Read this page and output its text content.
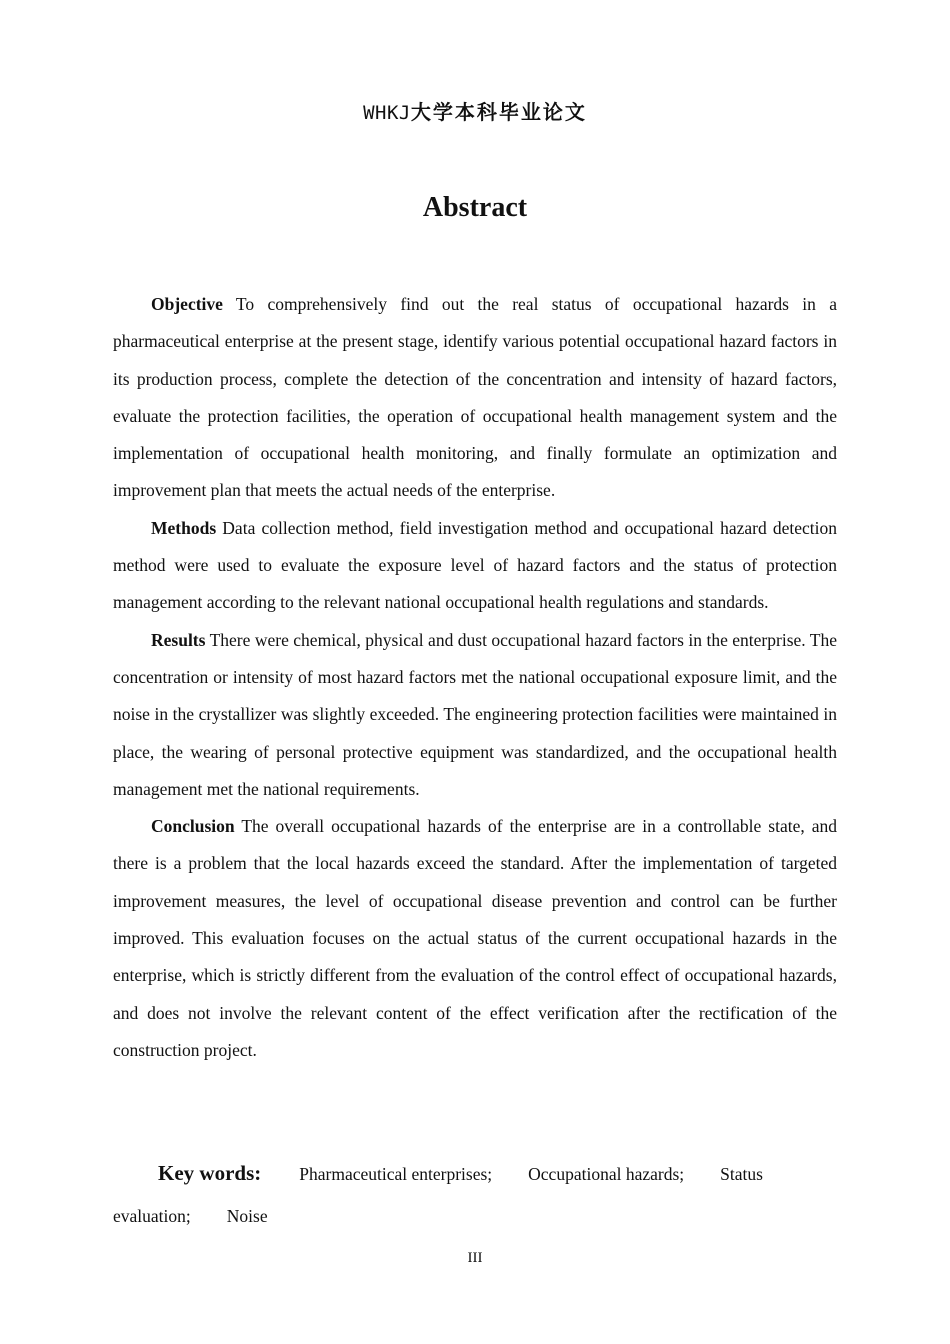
WHKJ大学本科毕业论文
Abstract

Objective To comprehensively find out the real status of occupational hazards in a pharmaceutical enterprise at the present stage, identify various potential occupational hazard factors in its production process, complete the detection of the concentration and intensity of hazard factors, evaluate the protection facilities, the operation of occupational health management system and the implementation of occupational health monitoring, and finally formulate an optimization and improvement plan that meets the actual needs of the enterprise.

Methods Data collection method, field investigation method and occupational hazard detection method were used to evaluate the exposure level of hazard factors and the status of protection management according to the relevant national occupational health regulations and standards.

Results There were chemical, physical and dust occupational hazard factors in the enterprise. The concentration or intensity of most hazard factors met the national occupational exposure limit, and the noise in the crystallizer was slightly exceeded. The engineering protection facilities were maintained in place, the wearing of personal protective equipment was standardized, and the occupational health management met the national requirements.

Conclusion The overall occupational hazards of the enterprise are in a controllable state, and there is a problem that the local hazards exceed the standard. After the implementation of targeted improvement measures, the level of occupational disease prevention and control can be further improved. This evaluation focuses on the actual status of the current occupational hazards in the enterprise, which is strictly different from the evaluation of the control effect of occupational hazards, and does not involve the relevant content of the effect verification after the rectification of the construction project.

Key words: Pharmaceutical enterprises; Occupational hazards; Status evaluation; Noise
III
